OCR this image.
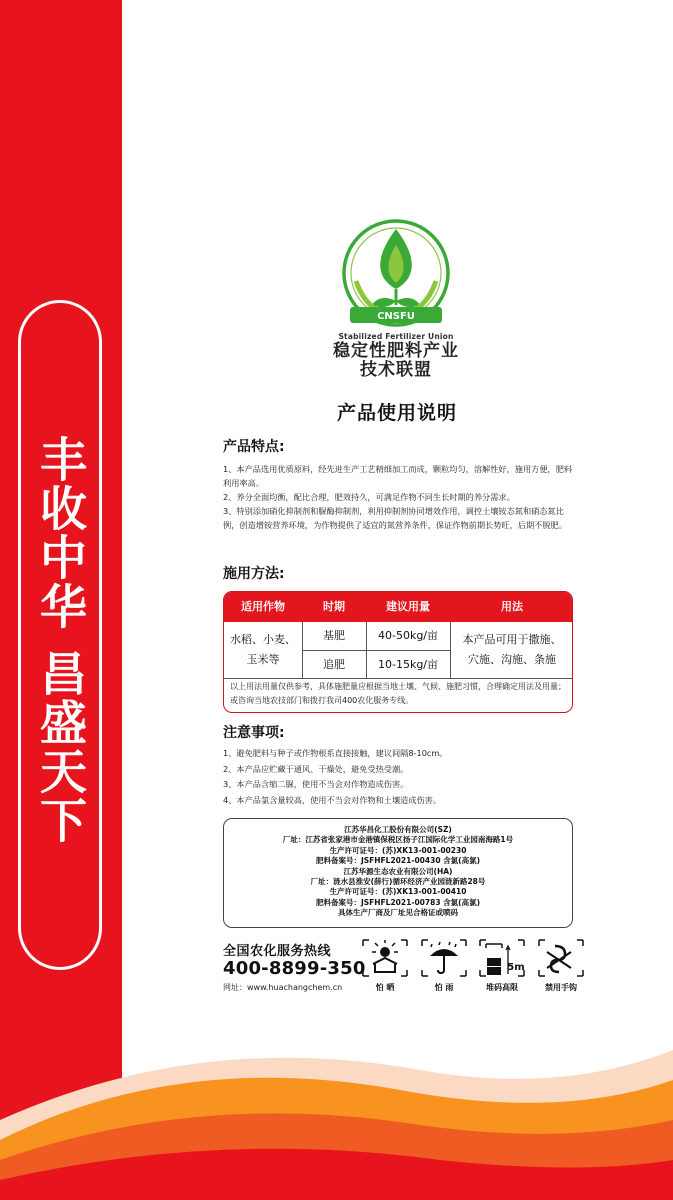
丰收中华 昌盛天下
CNSFU
Stabilized Fertilizer Union
稳定性肥料产业
技术联盟
产品使用说明
产品特点:
1、本产品选用优质原料，经先进生产工艺精细加工而成，颗粒均匀，溶解性好，施用方便，肥料利用率高。
2、养分全面均衡，配比合理，肥效持久，可满足作物不同生长时期的养分需求。
3、特别添加硝化抑制剂和脲酶抑制剂，利用抑制剂协同增效作用，调控土壤铵态氮和硝态氮比例，创造增铵营养环境，为作物提供了适宜的氮营养条件，保证作物前期长势旺，后期不脱肥。
施用方法:
适用作物	时期	建议用量	用法
水稻、小麦、
玉米等
基肥	40-50kg/亩
追肥	10-15kg/亩
本产品可用于撒施、
穴施、沟施、条施
以上用法用量仅供参考，具体施肥量应根据当地土壤、气候、施肥习惯，合理确定用法及用量；或咨询当地农技部门和拨打我司400农化服务专线。
注意事项:
1、避免肥料与种子或作物根系直接接触，建议间隔8-10cm。
2、本产品应贮藏于通风、干燥处，避免受热受潮。
3、本产品含缩二脲，使用不当会对作物造成伤害。
4、本产品氯含量较高，使用不当会对作物和土壤造成伤害。
江苏华昌化工股份有限公司(SZ)
厂址：江苏省张家港市金港镇保税区扬子江国际化学工业园南海路1号
生产许可证号：(苏)XK13-001-00230
肥料备案号：JSFHFL2021-00430 含氯(高氯)
江苏华源生态农业有限公司(HA)
厂址：涟水县淮安(薛行)循环经济产业园涟新路28号
生产许可证号：(苏)XK13-001-00410
肥料备案号：JSFHFL2021-00783 含氯(高氯)
具体生产厂商及厂址见合格证或喷码
全国农化服务热线
400-8899-350
网址：www.huachangchem.cn	怕 晒	怕 雨
5m
堆码高限	禁用手钩
